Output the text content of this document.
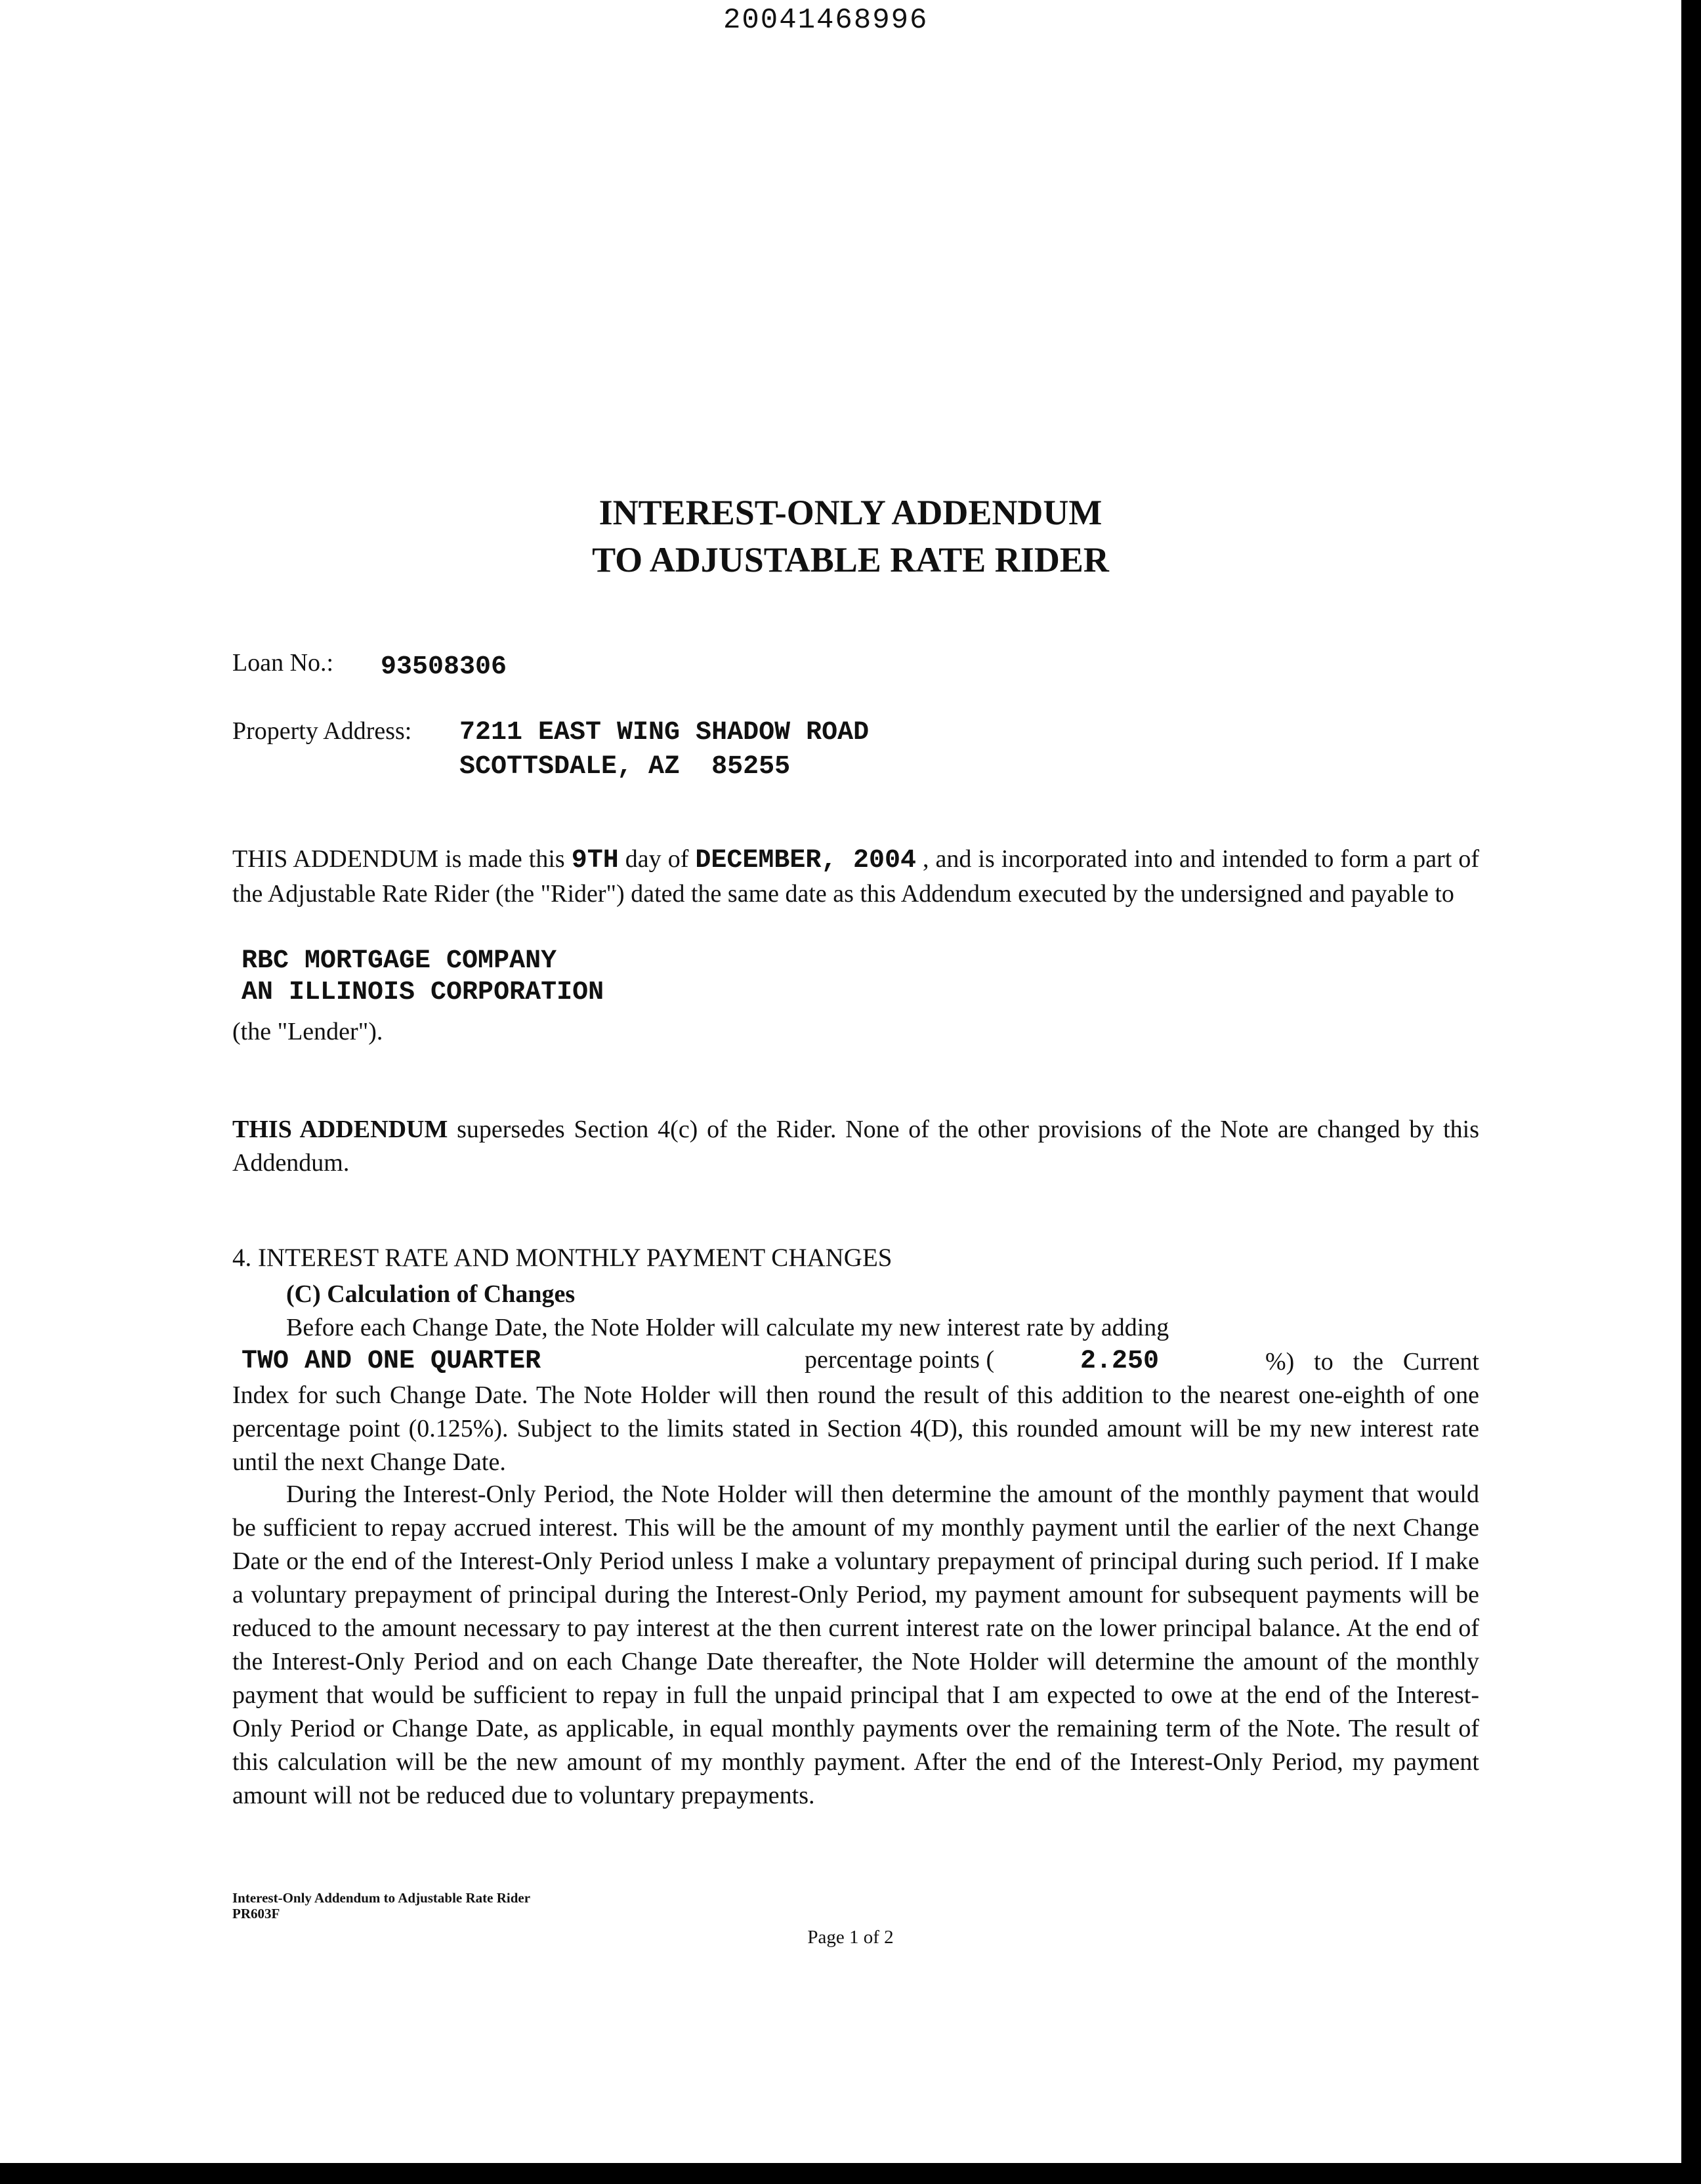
20041468996
INTEREST-ONLY ADDENDUM
TO ADJUSTABLE RATE RIDER
Loan No.: 93508306
Property Address: 7211 EAST WING SHADOW ROAD
SCOTTSDALE, AZ  85255

THIS ADDENDUM is made this 9TH day of DECEMBER, 2004 , and is incorporated into and intended to form a part of the Adjustable Rate Rider (the "Rider") dated the same date as this Addendum executed by the undersigned and payable to

RBC MORTGAGE COMPANY
AN ILLINOIS CORPORATION
(the "Lender").

THIS ADDENDUM supersedes Section 4(c) of the Rider. None of the other provisions of the Note are changed by this Addendum.

4. INTEREST RATE AND MONTHLY PAYMENT CHANGES
(C) Calculation of Changes
Before each Change Date, the Note Holder will calculate my new interest rate by adding
TWO AND ONE QUARTER	percentage points (	2.250	%) to the Current Index for such Change Date. The Note Holder will then round the result of this addition to the nearest one-eighth of one percentage point (0.125%). Subject to the limits stated in Section 4(D), this rounded amount will be my new interest rate until the next Change Date.
During the Interest-Only Period, the Note Holder will then determine the amount of the monthly payment that would be sufficient to repay accrued interest. This will be the amount of my monthly payment until the earlier of the next Change Date or the end of the Interest-Only Period unless I make a voluntary prepayment of principal during such period. If I make a voluntary prepayment of principal during the Interest-Only Period, my payment amount for subsequent payments will be reduced to the amount necessary to pay interest at the then current interest rate on the lower principal balance. At the end of the Interest-Only Period and on each Change Date thereafter, the Note Holder will determine the amount of the monthly payment that would be sufficient to repay in full the unpaid principal that I am expected to owe at the end of the Interest-Only Period or Change Date, as applicable, in equal monthly payments over the remaining term of the Note. The result of this calculation will be the new amount of my monthly payment. After the end of the Interest-Only Period, my payment amount will not be reduced due to voluntary prepayments.
Interest-Only Addendum to Adjustable Rate Rider
PR603F
Page 1 of 2
